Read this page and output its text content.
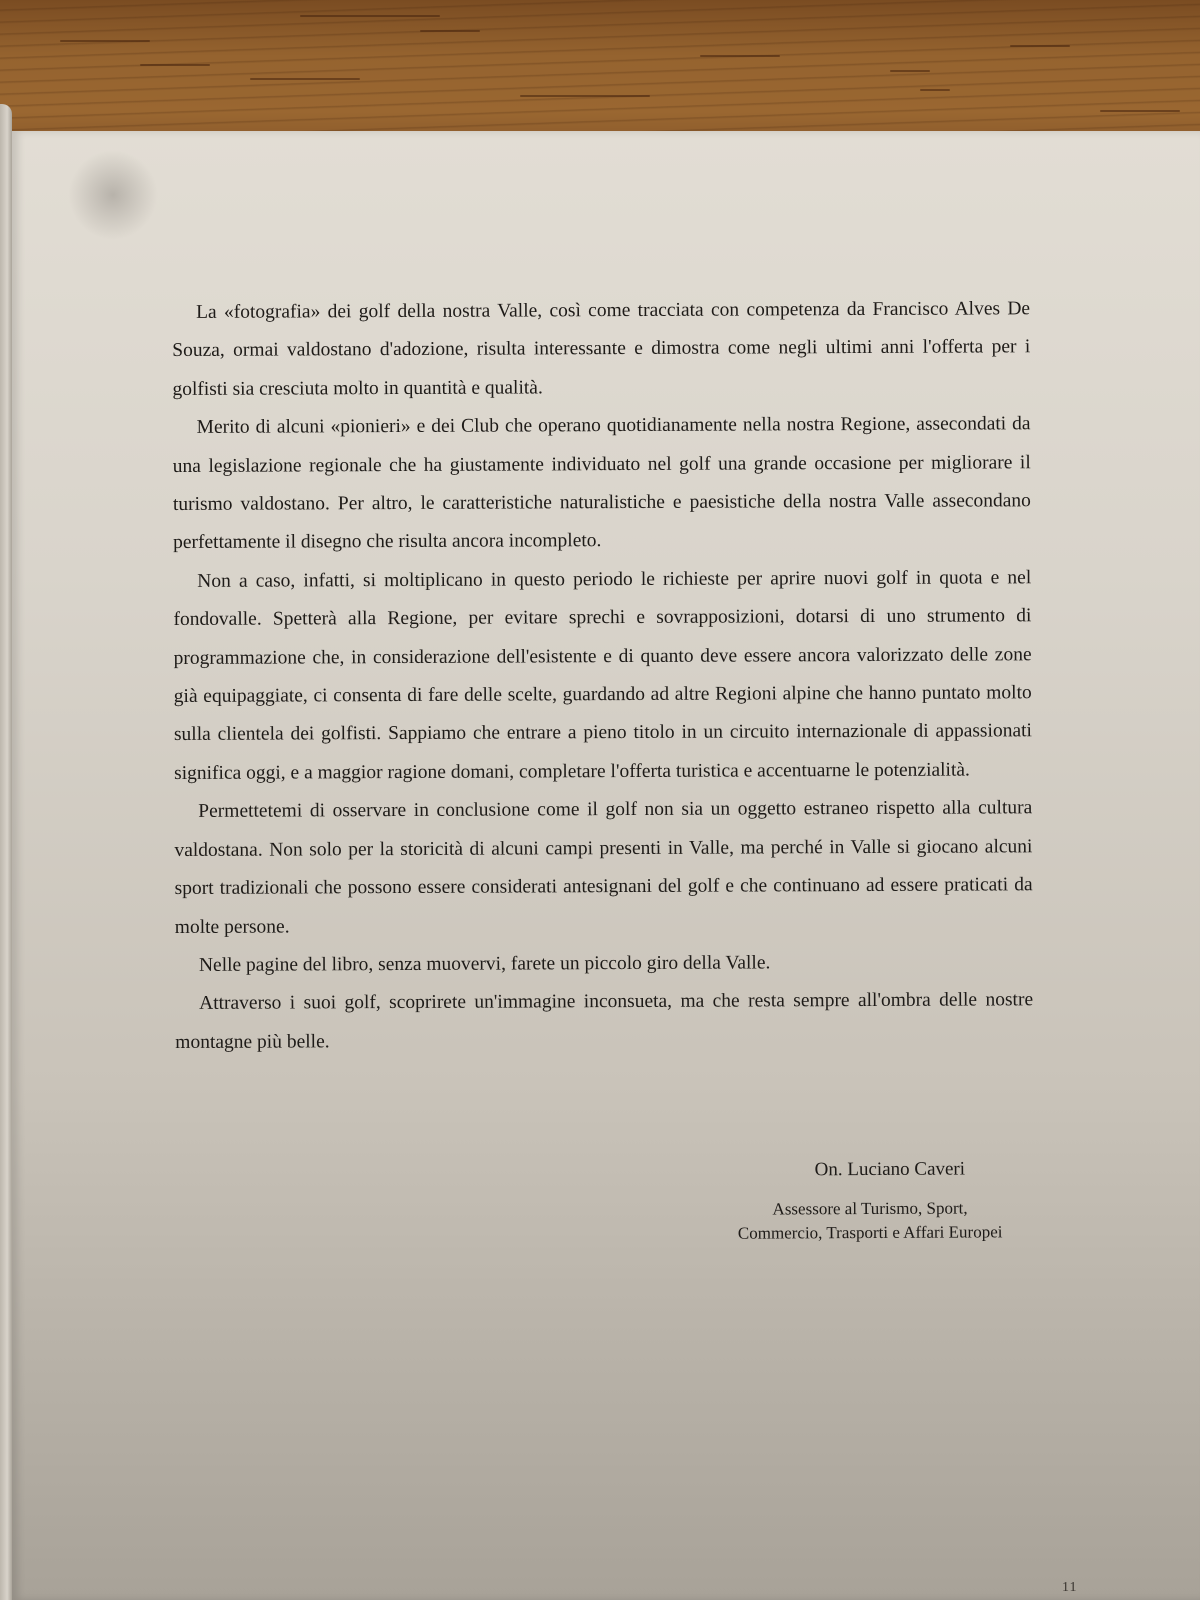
La «fotografia» dei golf della nostra Valle, così come tracciata con competenza da Francisco Alves De Souza, ormai valdostano d'adozione, risulta interessante e dimostra come negli ultimi anni l'offerta per i golfisti sia cresciuta molto in quantità e qualità.

Merito di alcuni «pionieri» e dei Club che operano quotidianamente nella nostra Regione, assecondati da una legislazione regionale che ha giustamente individuato nel golf una grande occasione per migliorare il turismo valdostano. Per altro, le caratteristiche naturalistiche e paesistiche della nostra Valle assecondano perfettamente il disegno che risulta ancora incompleto.

Non a caso, infatti, si moltiplicano in questo periodo le richieste per aprire nuovi golf in quota e nel fondovalle. Spetterà alla Regione, per evitare sprechi e sovrapposizioni, dotarsi di uno strumento di programmazione che, in considerazione dell'esistente e di quanto deve essere ancora valorizzato delle zone già equipaggiate, ci consenta di fare delle scelte, guardando ad altre Regioni alpine che hanno puntato molto sulla clientela dei golfisti. Sappiamo che entrare a pieno titolo in un circuito internazionale di appassionati significa oggi, e a maggior ragione domani, completare l'offerta turistica e accentuarne le potenzialità.

Permettetemi di osservare in conclusione come il golf non sia un oggetto estraneo rispetto alla cultura valdostana. Non solo per la storicità di alcuni campi presenti in Valle, ma perché in Valle si giocano alcuni sport tradizionali che possono essere considerati antesignani del golf e che continuano ad essere praticati da molte persone.

Nelle pagine del libro, senza muovervi, farete un piccolo giro della Valle.

Attraverso i suoi golf, scoprirete un'immagine inconsueta, ma che resta sempre all'ombra delle nostre montagne più belle.

On. Luciano Caveri
Assessore al Turismo, Sport,
Commercio, Trasporti e Affari Europei
11
